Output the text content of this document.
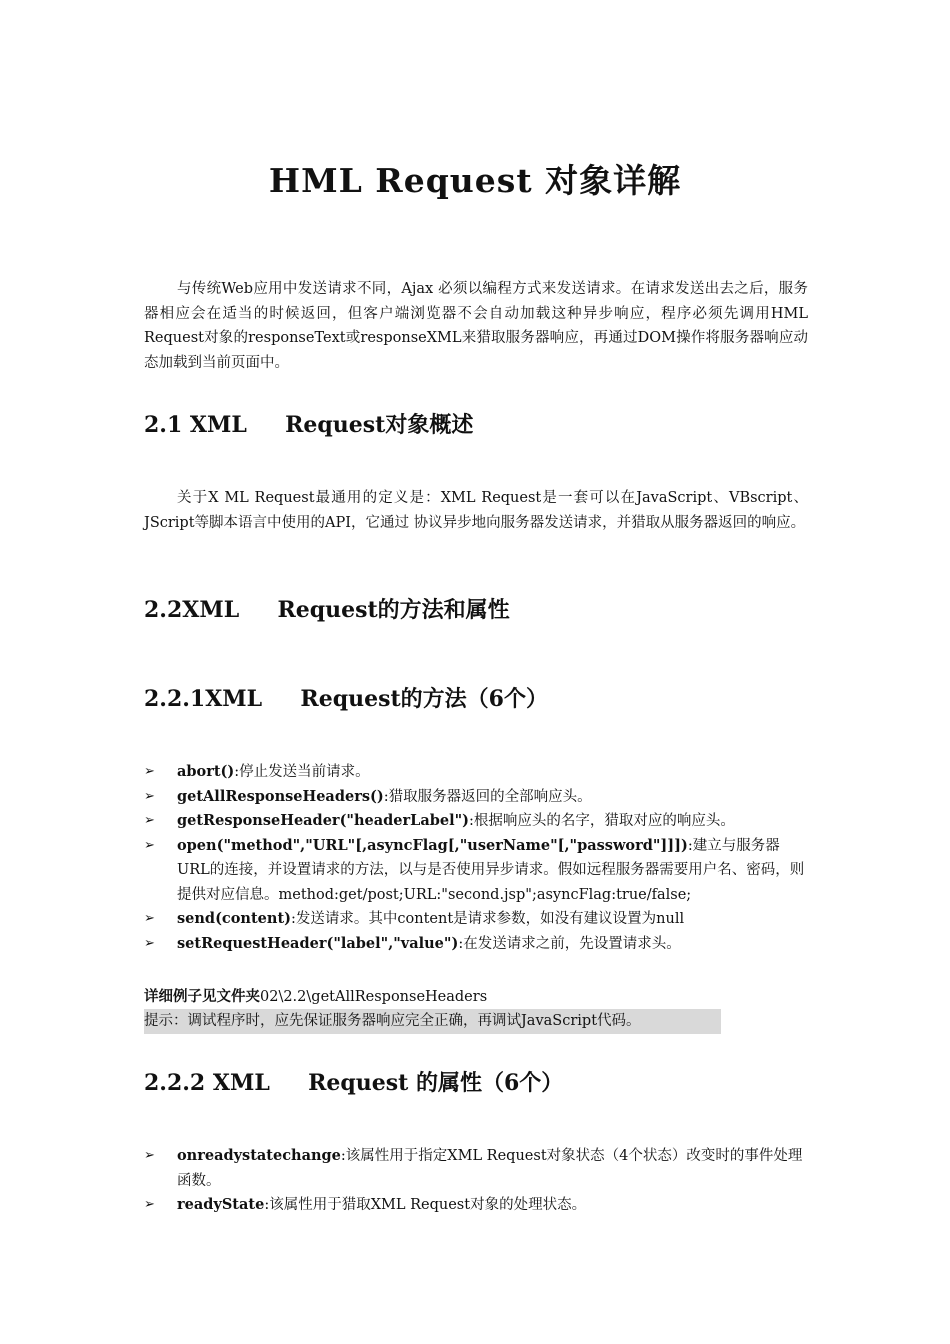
HML Request 对象详解

与传统Web应用中发送请求不同，Ajax 必须以编程方式来发送请求。在请求发送出去之后，服务器相应会在适当的时候返回，但客户端浏览器不会自动加载这种异步响应，程序必须先调用HML Request对象的responseText或responseXML来猎取服务器响应，再通过DOM操作将服务器响应动态加载到当前页面中。

2.1 XML     Request对象概述

关于X ML Request最通用的定义是：XML Request是一套可以在JavaScript、VBscript、JScript等脚本语言中使用的API，它通过 协议异步地向服务器发送请求，并猎取从服务器返回的响应。

2.2XML     Request的方法和属性
2.2.1XML     Request的方法（6个）
➢ abort():停止发送当前请求。
➢ getAllResponseHeaders():猎取服务器返回的全部响应头。
➢ getResponseHeader("headerLabel"):根据响应头的名字，猎取对应的响应头。
➢ open("method","URL"[,asyncFlag[,"userName"[,"password"]]]):建立与服务器URL的连接，并设置请求的方法，以与是否使用异步请求。假如远程服务器需要用户名、密码，则提供对应信息。method:get/post;URL:"second.jsp";asyncFlag:true/false;
➢ send(content):发送请求。其中content是请求参数，如没有建议设置为null
➢ setRequestHeader("label","value"):在发送请求之前，先设置请求头。

详细例子见文件夹02\2.2\getAllResponseHeaders

提示：调试程序时，应先保证服务器响应完全正确，再调试JavaScript代码。

2.2.2 XML     Request 的属性（6个）
➢ onreadystatechange:该属性用于指定XML Request对象状态（4个状态）改变时的事件处理函数。
➢ readyState:该属性用于猎取XML Request对象的处理状态。
